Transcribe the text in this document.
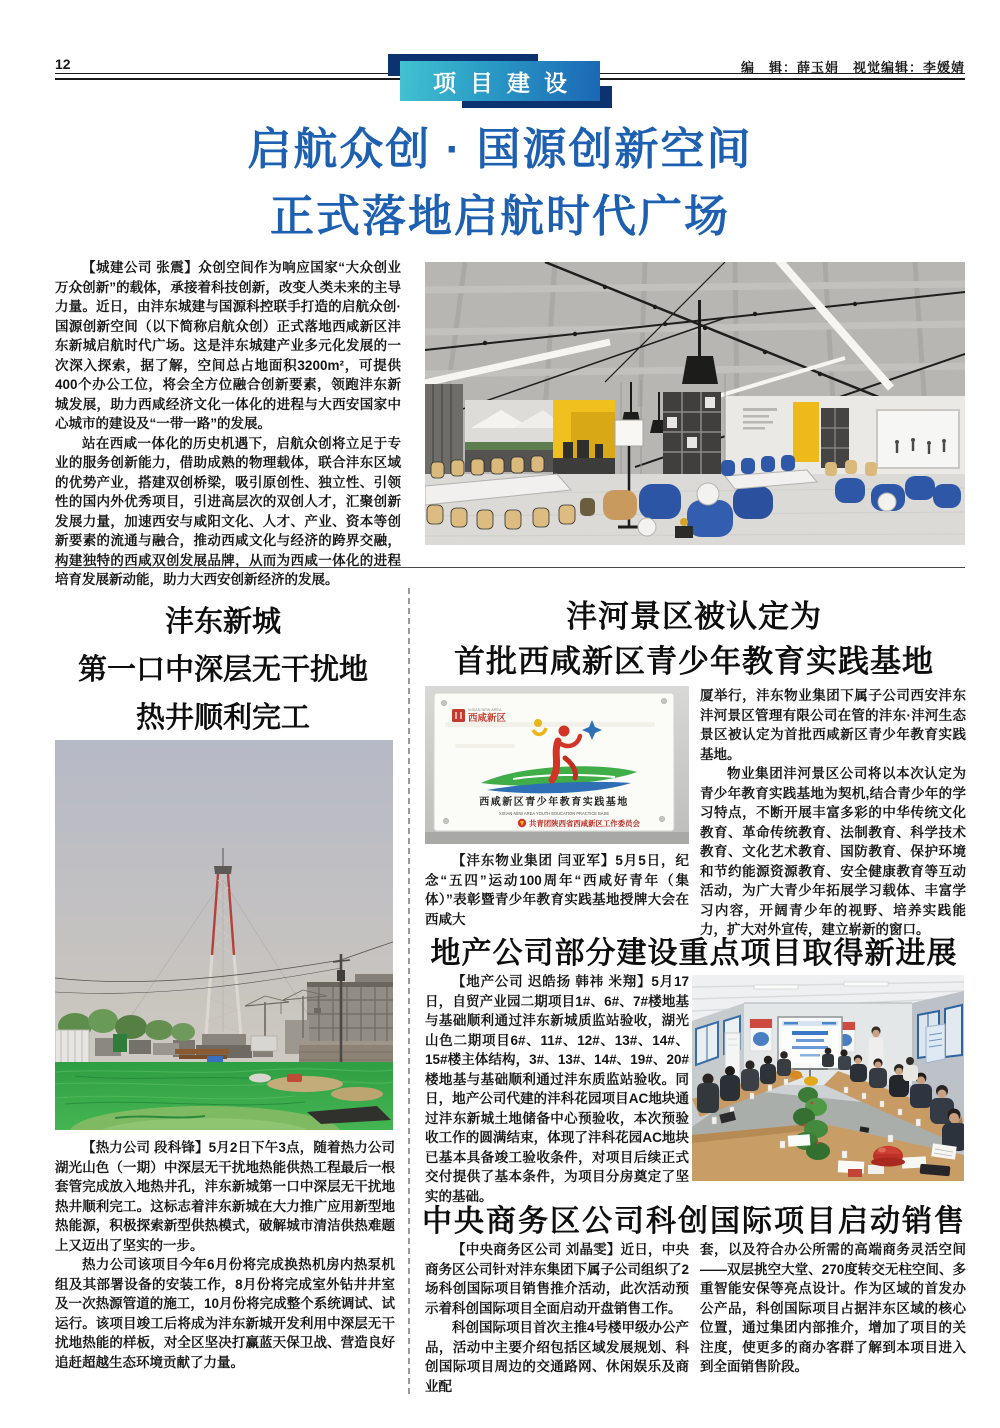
12	编　辑：薛玉娟　视觉编辑：李媛婧
项目建设
启航众创 · 国源创新空间
正式落地启航时代广场

【城建公司 张震】众创空间作为响应国家“大众创业万众创新”的载体，承接着科技创新，改变人类未来的主导力量。近日，由沣东城建与国源科控联手打造的启航众创·国源创新空间（以下简称启航众创）正式落地西咸新区沣东新城启航时代广场。这是沣东城建产业多元化发展的一次深入探索，据了解，空间总占地面积3200m²，可提供400个办公工位，将会全方位融合创新要素，领跑沣东新城发展，助力西咸经济文化一体化的进程与大西安国家中心城市的建设及“一带一路”的发展。

站在西咸一体化的历史机遇下，启航众创将立足于专业的服务创新能力，借助成熟的物理载体，联合沣东区域的优势产业，搭建双创桥梁，吸引原创性、独立性、引领性的国内外优秀项目，引进高层次的双创人才，汇聚创新发展力量，加速西安与咸阳文化、人才、产业、资本等创新要素的流通与融合，推动西咸文化与经济的跨界交融，构建独特的西咸双创发展品牌，从而为西咸一体化的进程培育发展新动能，助力大西安创新经济的发展。

沣东新城
第一口中深层无干扰地
热井顺利完工

【热力公司 段科锋】5月2日下午3点，随着热力公司湖光山色（一期）中深层无干扰地热能供热工程最后一根套管完成放入地热井孔，沣东新城第一口中深层无干扰地热井顺利完工。这标志着沣东新城在大力推广应用新型地热能源，积极探索新型供热模式，破解城市清洁供热难题上又迈出了坚实的一步。

热力公司该项目今年6月份将完成换热机房内热泵机组及其部署设备的安装工作，8月份将完成室外钻井井室及一次热源管道的施工，10月份将完成整个系统调试、试运行。该项目竣工后将成为沣东新城开发利用中深层无干扰地热能的样板，对全区坚决打赢蓝天保卫战、营造良好追赶超越生态环境贡献了力量。

沣河景区被认定为
首批西咸新区青少年教育实践基地
XIXIAN NEW AREA
西咸新区
西咸新区青少年教育实践基地
XIXIAN NEW AREA YOUTH EDUCATION PRACTICE BASE
共青团陕西省西咸新区工作委员会

【沣东物业集团 闫亚军】5月5日，纪念“五四”运动100周年“西咸好青年（集体）”表彰暨青少年教育实践基地授牌大会在西咸大

厦举行，沣东物业集团下属子公司西安沣东沣河景区管理有限公司在管的沣东·沣河生态景区被认定为首批西咸新区青少年教育实践基地。

物业集团沣河景区公司将以本次认定为青少年教育实践基地为契机,结合青少年的学习特点，不断开展丰富多彩的中华传统文化教育、革命传统教育、法制教育、科学技术教育、文化艺术教育、国防教育、保护环境和节约能源资源教育、安全健康教育等互动活动，为广大青少年拓展学习载体、丰富学习内容，开阔青少年的视野、培养实践能力，扩大对外宣传，建立崭新的窗口。

地产公司部分建设重点项目取得新进展

【地产公司 迟皓扬 韩祎 米翔】5月17日，自贸产业园二期项目1#、6#、7#楼地基与基础顺利通过沣东新城质监站验收，湖光山色二期项目6#、11#、12#、13#、14#、15#楼主体结构，3#、13#、14#、19#、20#楼地基与基础顺利通过沣东质监站验收。同日，地产公司代建的沣科花园项目AC地块通过沣东新城土地储备中心预验收，本次预验收工作的圆满结束，体现了沣科花园AC地块已基本具备竣工验收条件，对项目后续正式交付提供了基本条件，为项目分房奠定了坚实的基础。

中央商务区公司科创国际项目启动销售

【中央商务区公司 刘晶雯】近日，中央商务区公司针对沣东集团下属子公司组织了2场科创国际项目销售推介活动，此次活动预示着科创国际项目全面启动开盘销售工作。

科创国际项目首次主推4号楼甲级办公产品，活动中主要介绍包括区域发展规划、科创国际项目周边的交通路网、休闲娱乐及商业配

套，以及符合办公所需的高端商务灵活空间——双层挑空大堂、270度转交无柱空间、多重智能安保等亮点设计。作为区域的首发办公产品，科创国际项目占据沣东区域的核心位置，通过集团内部推介，增加了项目的关注度，使更多的商办客群了解到本项目进入到全面销售阶段。
